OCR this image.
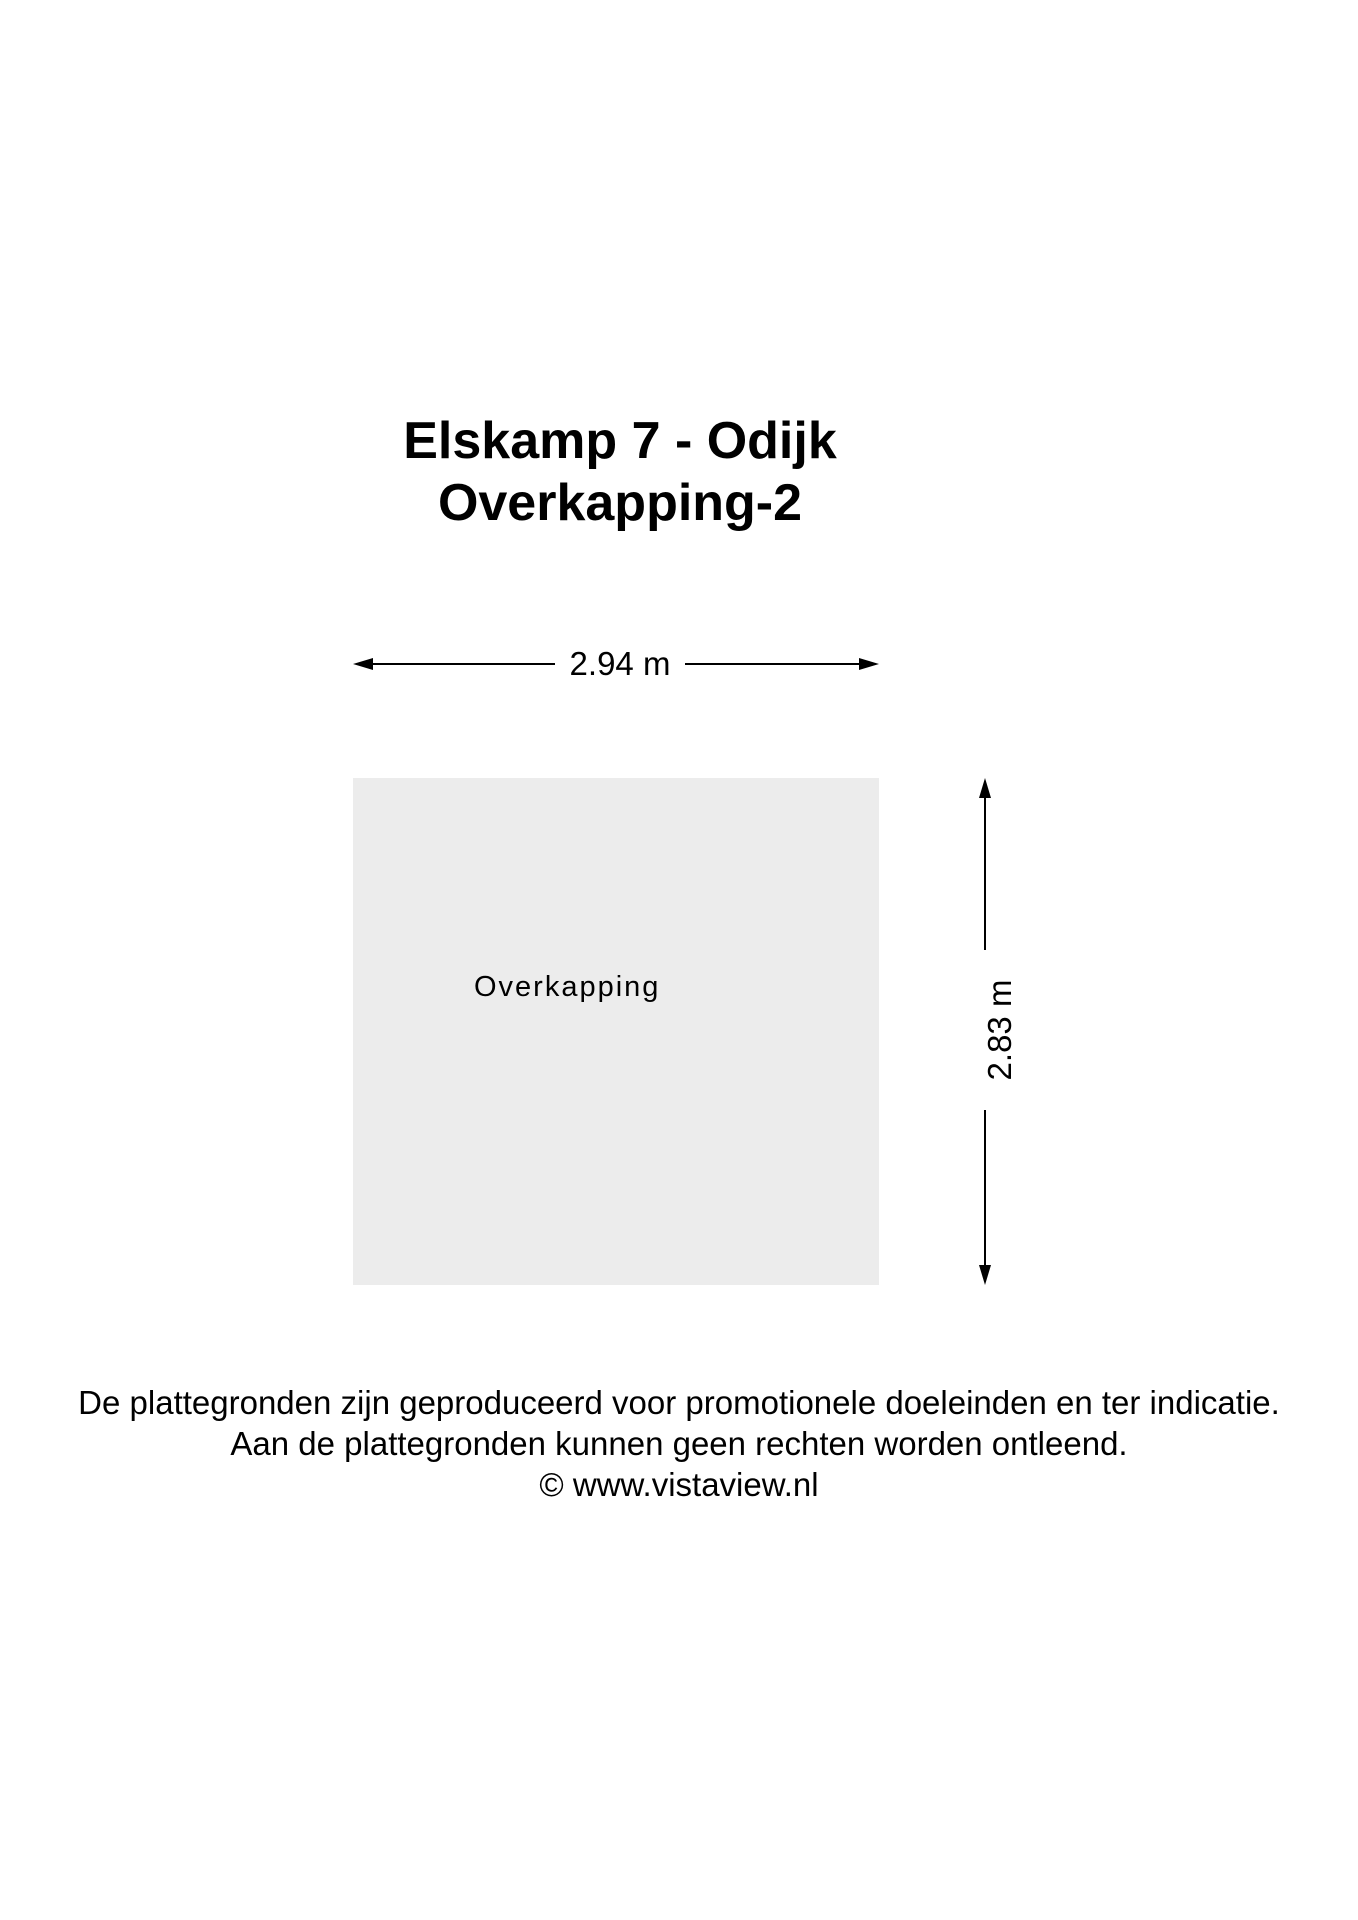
Elskamp 7 - Odijk
Overkapping-2
2.94 m
2.83 m
Overkapping
De plattegronden zijn geproduceerd voor promotionele doeleinden en ter indicatie.
Aan de plattegronden kunnen geen rechten worden ontleend.
© www.vistaview.nl
